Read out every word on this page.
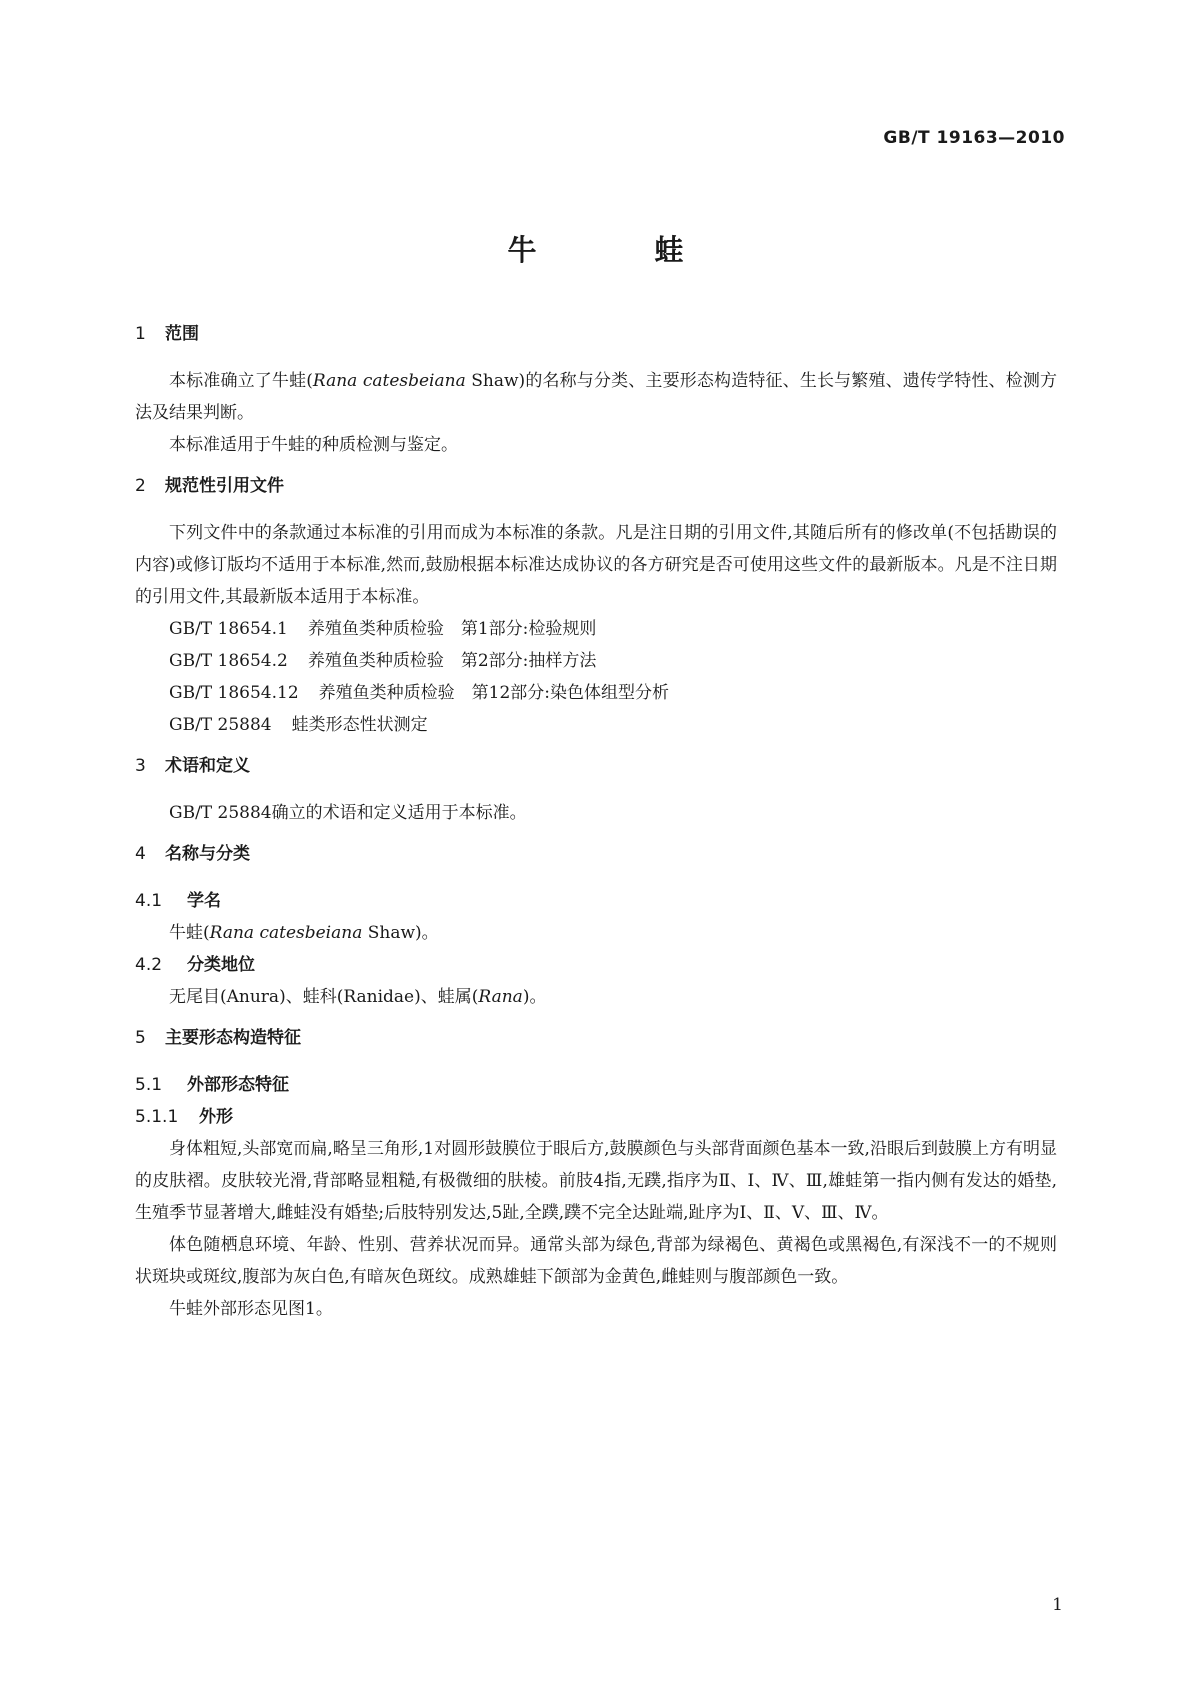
GB/T 19163—2010
牛	蛙

1 范围

本标准确立了牛蛙(Rana catesbeiana Shaw)的名称与分类、主要形态构造特征、生长与繁殖、遗传学特性、检测方法及结果判断。

本标准适用于牛蛙的种质检测与鉴定。

2 规范性引用文件

下列文件中的条款通过本标准的引用而成为本标准的条款。凡是注日期的引用文件,其随后所有的修改单(不包括勘误的内容)或修订版均不适用于本标准,然而,鼓励根据本标准达成协议的各方研究是否可使用这些文件的最新版本。凡是不注日期的引用文件,其最新版本适用于本标准。

GB/T 18654.1 养殖鱼类种质检验　第1部分:检验规则

GB/T 18654.2 养殖鱼类种质检验　第2部分:抽样方法

GB/T 18654.12 养殖鱼类种质检验　第12部分:染色体组型分析

GB/T 25884 蛙类形态性状测定

3 术语和定义

GB/T 25884确立的术语和定义适用于本标准。

4 名称与分类

4.1 学名

牛蛙(Rana catesbeiana Shaw)。

4.2 分类地位

无尾目(Anura)、蛙科(Ranidae)、蛙属(Rana)。

5 主要形态构造特征

5.1 外部形态特征

5.1.1 外形

身体粗短,头部宽而扁,略呈三角形,1对圆形鼓膜位于眼后方,鼓膜颜色与头部背面颜色基本一致,沿眼后到鼓膜上方有明显的皮肤褶。皮肤较光滑,背部略显粗糙,有极微细的肤棱。前肢4指,无蹼,指序为Ⅱ、Ⅰ、Ⅳ、Ⅲ,雄蛙第一指内侧有发达的婚垫,生殖季节显著增大,雌蛙没有婚垫;后肢特别发达,5趾,全蹼,蹼不完全达趾端,趾序为Ⅰ、Ⅱ、Ⅴ、Ⅲ、Ⅳ。

体色随栖息环境、年龄、性别、营养状况而异。通常头部为绿色,背部为绿褐色、黄褐色或黑褐色,有深浅不一的不规则状斑块或斑纹,腹部为灰白色,有暗灰色斑纹。成熟雄蛙下颌部为金黄色,雌蛙则与腹部颜色一致。

牛蛙外部形态见图1。

1
